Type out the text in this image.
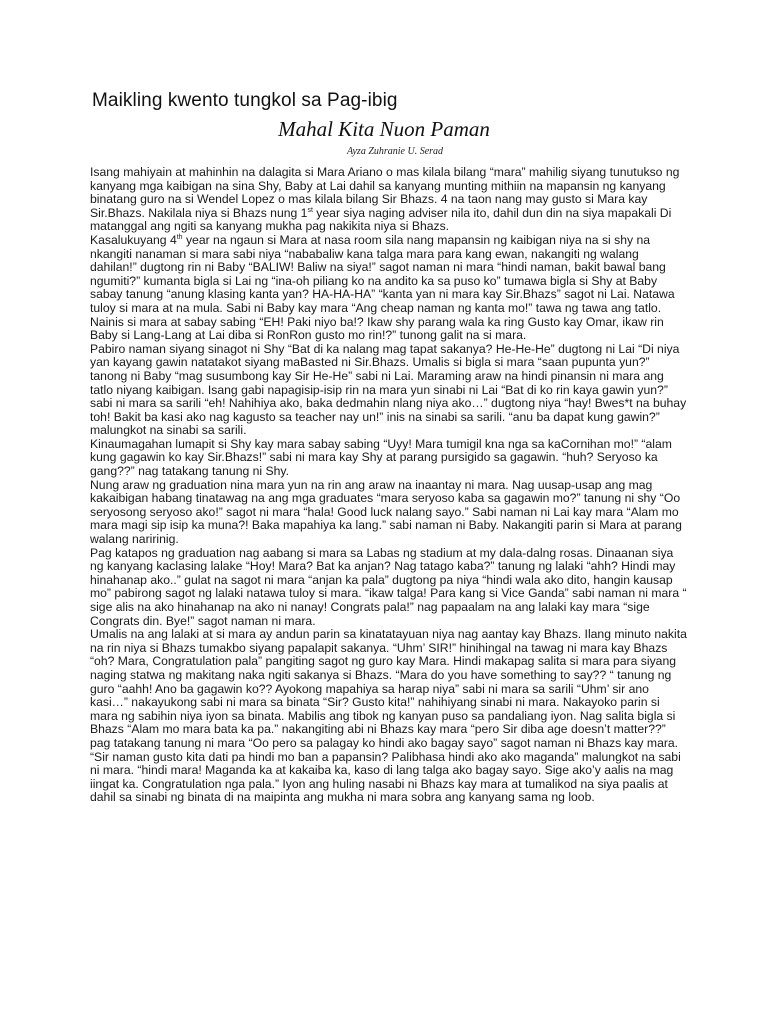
Maikling kwento tungkol sa Pag-ibig
Mahal Kita Nuon Paman
Ayza Zuhranie U. Serad

Isang mahiyain at mahinhin na dalagita si Mara Ariano o mas kilala bilang “mara” mahilig siyang tunutukso ng kanyang mga kaibigan na sina Shy, Baby at Lai dahil sa kanyang munting mithiin na mapansin ng kanyang binatang guro na si Wendel Lopez o mas kilala bilang Sir Bhazs. 4 na taon nang may gusto si Mara kay Sir.Bhazs. Nakilala niya si Bhazs nung 1st year siya naging adviser nila ito, dahil dun din na siya mapakali Di matanggal ang ngiti sa kanyang mukha pag nakikita niya si Bhazs.

Kasalukuyang 4th year na ngaun si Mara at nasa room sila nang mapansin ng kaibigan niya na si shy na nkangiti nanaman si mara sabi niya “nababaliw kana talga mara para kang ewan, nakangiti ng walang dahilan!” dugtong rin ni Baby “BALIW! Baliw na siya!” sagot naman ni mara “hindi naman, bakit bawal bang ngumiti?” kumanta bigla si Lai ng “ina-oh piliang ko na andito ka sa puso ko” tumawa bigla si Shy at Baby sabay tanung “anung klasing kanta yan? HA-HA-HA” “kanta yan ni mara kay Sir.Bhazs” sagot ni Lai. Natawa tuloy si mara at na mula. Sabi ni Baby kay mara “Ang cheap naman ng kanta mo!” tawa ng tawa ang tatlo. Nainis si mara at sabay sabing “EH! Paki niyo ba!? Ikaw shy parang wala ka ring Gusto kay Omar, ikaw rin Baby si Lang-Lang at Lai diba si RonRon gusto mo rin!?” tunong galit na si mara.

Pabiro naman siyang sinagot ni Shy “Bat di ka nalang mag tapat sakanya? He-He-He” dugtong ni Lai “Di niya yan kayang gawin natatakot siyang maBasted ni Sir.Bhazs. Umalis si bigla si mara “saan pupunta yun?” tanong ni Baby “mag susumbong kay Sir He-He” sabi ni Lai. Maraming araw na hindi pinansin ni mara ang tatlo niyang kaibigan. Isang gabi napagisip-isip rin na mara yun sinabi ni Lai “Bat di ko rin kaya gawin yun?” sabi ni mara sa sarili “eh! Nahihiya ako, baka dedmahin nlang niya ako…” dugtong niya “hay! Bwes*t na buhay toh! Bakit ba kasi ako nag kagusto sa teacher nay un!” inis na sinabi sa sarili. “anu ba dapat kung gawin?” malungkot na sinabi sa sarili.

Kinaumagahan lumapit si Shy kay mara sabay sabing “Uyy! Mara tumigil kna nga sa kaCornihan mo!” “alam kung gagawin ko kay Sir.Bhazs!” sabi ni mara kay Shy at parang pursigido sa gagawin. “huh? Seryoso ka gang??” nag tatakang tanung ni Shy.

Nung araw ng graduation nina mara yun na rin ang araw na inaantay ni mara. Nag uusap-usap ang mag kakaibigan habang tinatawag na ang mga graduates “mara seryoso kaba sa gagawin mo?” tanung ni shy “Oo seryosong seryoso ako!” sagot ni mara “hala! Good luck nalang sayo.” Sabi naman ni Lai kay mara “Alam mo mara magi sip isip ka muna?! Baka mapahiya ka lang.” sabi naman ni Baby. Nakangiti parin si Mara at parang walang naririnig.

Pag katapos ng graduation nag aabang si mara sa Labas ng stadium at my dala-dalng rosas. Dinaanan siya ng kanyang kaclasing lalake “Hoy! Mara? Bat ka anjan? Nag tatago kaba?” tanung ng lalaki “ahh? Hindi may hinahanap ako..” gulat na sagot ni mara “anjan ka pala” dugtong pa niya “hindi wala ako dito, hangin kausap mo” pabirong sagot ng lalaki natawa tuloy si mara. “ikaw talga! Para kang si Vice Ganda” sabi naman ni mara “ sige alis na ako hinahanap na ako ni nanay! Congrats pala!” nag papaalam na ang lalaki kay mara “sige Congrats din. Bye!” sagot naman ni mara.

Umalis na ang lalaki at si mara ay andun parin sa kinatatayuan niya nag aantay kay Bhazs. Ilang minuto nakita na rin niya si Bhazs tumakbo siyang papalapit sakanya. “Uhm’ SIR!” hinihingal na tawag ni mara kay Bhazs “oh? Mara, Congratulation pala” pangiting sagot ng guro kay Mara. Hindi makapag salita si mara para siyang naging statwa ng makitang naka ngiti sakanya si Bhazs. “Mara do you have something to say?? “ tanung ng guro “aahh! Ano ba gagawin ko?? Ayokong mapahiya sa harap niya” sabi ni mara sa sarili “Uhm’ sir ano kasi…” nakayukong sabi ni mara sa binata “Sir? Gusto kita!” nahihiyang sinabi ni mara. Nakayoko parin si mara ng sabihin niya iyon sa binata. Mabilis ang tibok ng kanyan puso sa pandaliang iyon. Nag salita bigla si Bhazs “Alam mo mara bata ka pa.” nakangiting abi ni Bhazs kay mara “pero Sir diba age doesn’t matter??” pag tatakang tanung ni mara “Oo pero sa palagay ko hindi ako bagay sayo” sagot naman ni Bhazs kay mara. “Sir naman gusto kita dati pa hindi mo ban a papansin? Palibhasa hindi ako ako maganda” malungkot na sabi ni mara. “hindi mara! Maganda ka at kakaiba ka, kaso di lang talga ako bagay sayo. Sige ako’y aalis na mag iingat ka. Congratulation nga pala.” Iyon ang huling nasabi ni Bhazs kay mara at tumalikod na siya paalis at dahil sa sinabi ng binata di na maipinta ang mukha ni mara sobra ang kanyang sama ng loob.
